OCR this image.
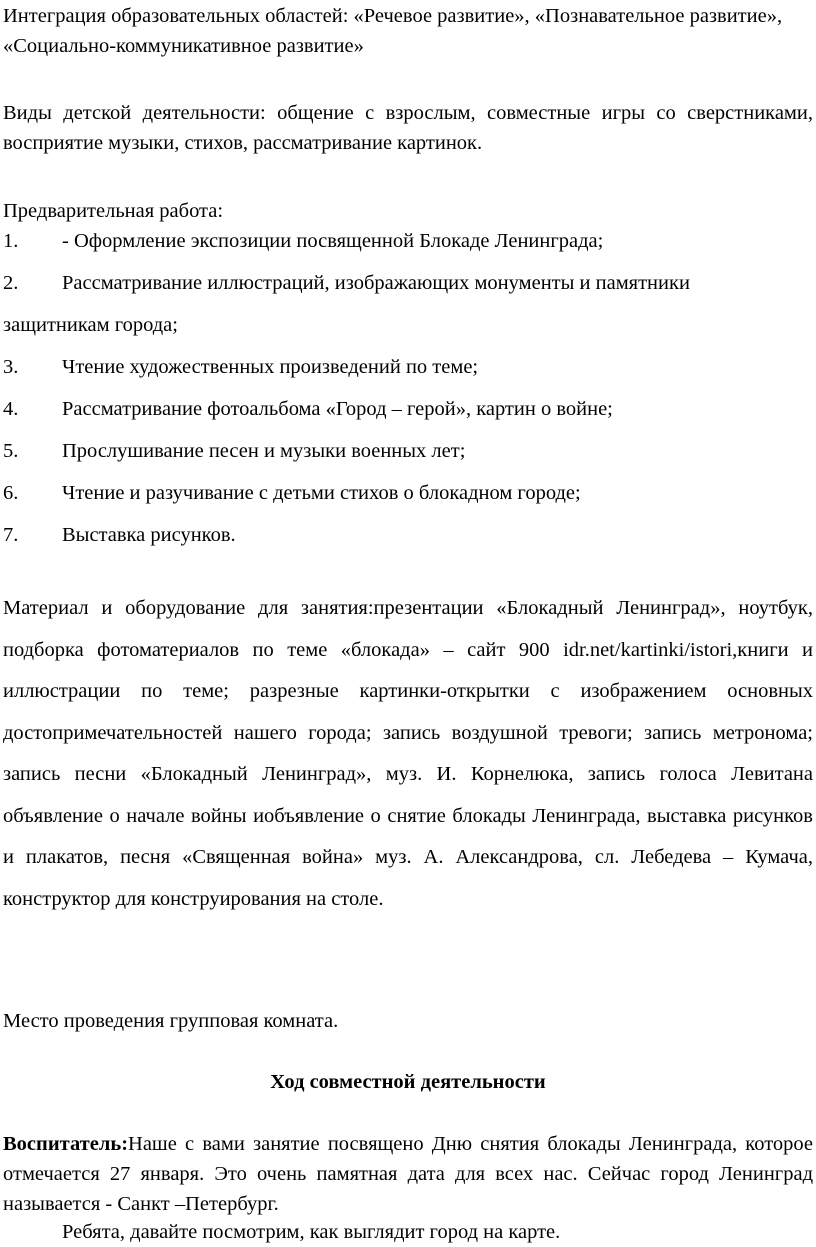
Интеграция образовательных областей: «Речевое развитие», «Познавательное развитие», «Социально-коммуникативное развитие»

Виды детской деятельности: общение с взрослым, совместные игры со сверстниками, восприятие музыки, стихов, рассматривание картинок.

Предварительная работа:

1.	- Оформление экспозиции посвященной Блокаде Ленинграда;
2.	Рассматривание иллюстраций, изображающих монументы и памятники
защитникам города;
3.	Чтение художественных произведений по теме;
4.	Рассматривание фотоальбома «Город – герой», картин о войне;
5.	Прослушивание песен и музыки военных лет;
6.	Чтение и разучивание с детьми стихов о блокадном городе;
7.	Выставка рисунков.

Материал и оборудование для занятия:презентации «Блокадный Ленинград», ноутбук, подборка фотоматериалов по теме «блокада» – сайт 900 idr.net/kartinki/istori,книги и иллюстрации по теме; разрезные картинки-открытки с изображением основных достопримечательностей нашего города; запись воздушной тревоги; запись метронома; запись песни «Блокадный Ленинград», муз. И. Корнелюка, запись голоса Левитана объявление о начале войны иобъявление о снятие блокады Ленинграда, выставка рисунков и плакатов, песня «Священная война» муз. А. Александрова, сл. Лебедева – Кумача, конструктор для конструирования на столе.

Место проведения групповая комната.

Ход совместной деятельности

Воспитатель:Наше с вами занятие посвящено Дню снятия блокады Ленинграда, которое отмечается 27 января. Это очень памятная дата для всех нас. Сейчас город Ленинград называется - Санкт –Петербург.

Ребята, давайте посмотрим, как выглядит город на карте.
